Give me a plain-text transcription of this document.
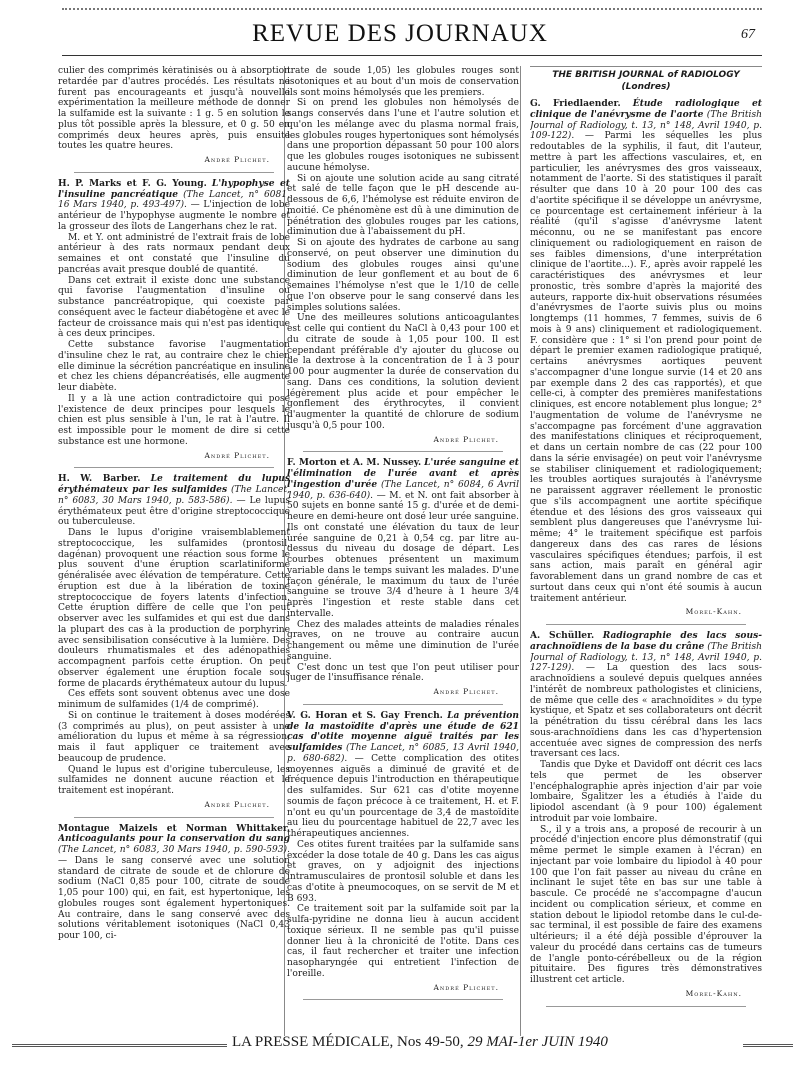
REVUE DES JOURNAUX	67

culier des comprimés kératinisés ou à absorption retardée par d'autres procédés. Les résultats ne furent pas encourageants et jusqu'à nouvelle expérimentation la meilleure méthode de donner la sulfamide est la suivante : 1 g. 5 en solution le plus tôt possible après la blessure, et 0 g. 50 en comprimés deux heures après, puis ensuite toutes les quatre heures.

André Plichet.

H. P. Marks et F. G. Young. L'hypophyse et l'insuline pancréatique (The Lancet, n° 6081, 16 Mars 1940, p. 493-497). — L'injection de lobe antérieur de l'hypophyse augmente le nombre et la grosseur des îlots de Langerhans chez le rat.

M. et Y. ont administré de l'extrait frais de lobe antérieur à des rats normaux pendant deux semaines et ont constaté que l'insuline du pancréas avait presque doublé de quantité.

Dans cet extrait il existe donc une substance qui favorise l'augmentation d'insuline ou substance pancréatropique, qui coexiste par conséquent avec le facteur diabétogène et avec le facteur de croissance mais qui n'est pas identique à ces deux principes.

Cette substance favorise l'augmentation d'insuline chez le rat, au contraire chez le chien elle diminue la sécrétion pancréatique en insuline et chez les chiens dépancréatisés, elle augmente leur diabète.

Il y a là une action contradictoire qui pose l'existence de deux principes pour lesquels le chien est plus sensible à l'un, le rat à l'autre. Il est impossible pour le moment de dire si cette substance est une hormone.

André Plichet.

H. W. Barber. Le traitement du lupus érythémateux par les sulfamides (The Lancet, n° 6083, 30 Mars 1940, p. 583-586). — Le lupus érythémateux peut être d'origine streptococcique ou tuberculeuse.

Dans le lupus d'origine vraisemblablement streptococcique, les sulfamides (prontosil, dagénan) provoquent une réaction sous forme le plus souvent d'une éruption scarlatiniforme généralisée avec élévation de température. Cette éruption est due à la libération de toxine streptococcique de foyers latents d'infection. Cette éruption diffère de celle que l'on peut observer avec les sulfamides et qui est due dans la plupart des cas à la production de porphyrine avec sensibilisation consécutive à la lumière. Des douleurs rhumatismales et des adénopathies accompagnent parfois cette éruption. On peut observer également une éruption focale sous forme de placards érythémateux autour du lupus.

Ces effets sont souvent obtenus avec une dose minimum de sulfamides (1/4 de comprimé).

Si on continue le traitement à doses modérées (3 comprimés au plus), on peut assister à une amélioration du lupus et même à sa régression, mais il faut appliquer ce traitement avec beaucoup de prudence.

Quand le lupus est d'origine tuberculeuse, les sulfamides ne donnent aucune réaction et le traitement est inopérant.

André Plichet.

Montague Maizels et Norman Whittaker. Anticoagulants pour la conservation du sang (The Lancet, n° 6083, 30 Mars 1940, p. 590-593). — Dans le sang conservé avec une solution standard de citrate de soude et de chlorure de sodium (NaCl 0,85 pour 100, citrate de soude 1,05 pour 100) qui, en fait, est hypertonique, les globules rouges sont également hypertoniques. Au contraire, dans le sang conservé avec des solutions véritablement isotoniques (NaCl 0,43 pour 100, ci-

trate de soude 1,05) les globules rouges sont isotoniques et au bout d'un mois de conservation ils sont moins hémolysés que les premiers.

Si on prend les globules non hémolysés de sangs conservés dans l'une et l'autre solution et qu'on les mélange avec du plasma normal frais, les globules rouges hypertoniques sont hémolysés dans une proportion dépassant 50 pour 100 alors que les globules rouges isotoniques ne subissent aucune hémolyse.

Si on ajoute une solution acide au sang citraté et salé de telle façon que le pH descende au-dessous de 6,6, l'hémolyse est réduite environ de moitié. Ce phénomène est dû à une diminution de pénétration des globules rouges par les cations, diminution due à l'abaissement du pH.

Si on ajoute des hydrates de carbone au sang conservé, on peut observer une diminution du sodium des globules rouges ainsi qu'une diminution de leur gonflement et au bout de 6 semaines l'hémolyse n'est que le 1/10 de celle que l'on observe pour le sang conservé dans les simples solutions salées.

Une des meilleures solutions anticoagulantes est celle qui contient du NaCl à 0,43 pour 100 et du citrate de soude à 1,05 pour 100. Il est cependant préférable d'y ajouter du glucose ou de la dextrose à la concentration de 1 à 3 pour 100 pour augmenter la durée de conservation du sang. Dans ces conditions, la solution devient légèrement plus acide et pour empêcher le gonflement des érythrocytes, il convient d'augmenter la quantité de chlorure de sodium jusqu'à 0,5 pour 100.

André Plichet.

F. Morton et A. M. Nussey. L'urée sanguine et l'élimination de l'urée avant et après l'ingestion d'urée (The Lancet, n° 6084, 6 Avril 1940, p. 636-640). — M. et N. ont fait absorber à 50 sujets en bonne santé 15 g. d'urée et de demi-heure en demi-heure ont dosé leur urée sanguine. Ils ont constaté une élévation du taux de leur urée sanguine de 0,21 à 0,54 cg. par litre au-dessus du niveau du dosage de départ. Les courbes obtenues présentent un maximum variable dans le temps suivant les malades. D'une façon générale, le maximum du taux de l'urée sanguine se trouve 3/4 d'heure à 1 heure 3/4 après l'ingestion et reste stable dans cet intervalle.

Chez des malades atteints de maladies rénales graves, on ne trouve au contraire aucun changement ou même une diminution de l'urée sanguine.

C'est donc un test que l'on peut utiliser pour juger de l'insuffisance rénale.

André Plichet.

V. G. Horan et S. Gay French. La prévention de la mastoïdite d'après une étude de 621 cas d'otite moyenne aiguë traités par les sulfamides (The Lancet, n° 6085, 13 Avril 1940, p. 680-682). — Cette complication des otites moyennes aiguës a diminué de gravité et de fréquence depuis l'introduction en thérapeutique des sulfamides. Sur 621 cas d'otite moyenne soumis de façon précoce à ce traitement, H. et F. n'ont eu qu'un pourcentage de 3,4 de mastoïdite au lieu du pourcentage habituel de 22,7 avec les thérapeutiques anciennes.

Ces otites furent traitées par la sulfamide sans excéder la dose totale de 40 g. Dans les cas aigus et graves, on y adjoignit des injections intramusculaires de prontosil soluble et dans les cas d'otite à pneumocoques, on se servit de M et B 693.

Ce traitement soit par la sulfamide soit par la sulfa-pyridine ne donna lieu à aucun accident toxique sérieux. Il ne semble pas qu'il puisse donner lieu à la chronicité de l'otite. Dans ces cas, il faut rechercher et traiter une infection nasopharyngée qui entretient l'infection de l'oreille.

André Plichet.
THE BRITISH JOURNAL of RADIOLOGY
(Londres)

G. Friedlaender. Étude radiologique et clinique de l'anévrysme de l'aorte (The British Journal of Radiology, t. 13, n° 148, Avril 1940, p. 109-122). — Parmi les séquelles les plus redoutables de la syphilis, il faut, dit l'auteur, mettre à part les affections vasculaires, et, en particulier, les anévrysmes des gros vaisseaux, notamment de l'aorte. Si des statistiques il paraît résulter que dans 10 à 20 pour 100 des cas d'aortite spécifique il se développe un anévrysme, ce pourcentage est certainement inférieur à la réalité (qu'il s'agisse d'anévrysme latent méconnu, ou ne se manifestant pas encore cliniquement ou radiologiquement en raison de ses faibles dimensions, d'une interprétation clinique de l'aortite...). F., après avoir rappelé les caractéristiques des anévrysmes et leur pronostic, très sombre d'après la majorité des auteurs, rapporte dix-huit observations résumées d'anévrysmes de l'aorte suivis plus ou moins longtemps (11 hommes, 7 femmes, suivis de 6 mois à 9 ans) cliniquement et radiologiquement. F. considère que : 1° si l'on prend pour point de départ le premier examen radiologique pratiqué, certains anévrysmes aortiques peuvent s'accompagner d'une longue survie (14 et 20 ans par exemple dans 2 des cas rapportés), et que celle-ci, à compter des premières manifestations cliniques, est encore notablement plus longue; 2° l'augmentation de volume de l'anévrysme ne s'accompagne pas forcément d'une aggravation des manifestations cliniques et réciproquement, et dans un certain nombre de cas (22 pour 100 dans la série envisagée) on peut voir l'anévrysme se stabiliser cliniquement et radiologiquement; les troubles aortiques surajoutés à l'anévrysme ne paraissent aggraver réellement le pronostic que s'ils accompagnent une aortite spécifique étendue et des lésions des gros vaisseaux qui semblent plus dangereuses que l'anévrysme lui-même; 4° le traitement spécifique est parfois dangereux dans des cas rares de lésions vasculaires spécifiques étendues; parfois, il est sans action, mais paraît en général agir favorablement dans un grand nombre de cas et surtout dans ceux qui n'ont été soumis à aucun traitement antérieur.

Morel-Kahn.

A. Schüller. Radiographie des lacs sous-arachnoïdiens de la base du crâne (The British Journal of Radiology, t. 13, n° 148, Avril 1940, p. 127-129). — La question des lacs sous-arachnoïdiens a soulevé depuis quelques années l'intérêt de nombreux pathologistes et cliniciens, de même que celle des « arachnoïdites » du type kystique, et Spatz et ses collaborateurs ont décrit la pénétration du tissu cérébral dans les lacs sous-arachnoïdiens dans les cas d'hypertension accentuée avec signes de compression des nerfs traversant ces lacs.

Tandis que Dyke et Davidoff ont décrit ces lacs tels que permet de les observer l'encéphalographie après injection d'air par voie lombaire, Sgalitzer les a étudiés à l'aide du lipiodol ascendant (à 9 pour 100) également introduit par voie lombaire.

S., il y a trois ans, a proposé de recourir à un procédé d'injection encore plus démonstratif (qui même permet le simple examen à l'écran) en injectant par voie lombaire du lipiodol à 40 pour 100 que l'on fait passer au niveau du crâne en inclinant le sujet tête en bas sur une table à bascule. Ce procédé ne s'accompagne d'aucun incident ou complication sérieux, et comme en station debout le lipiodol retombe dans le cul-de-sac terminal, il est possible de faire des examens ultérieurs; il a été déjà possible d'éprouver la valeur du procédé dans certains cas de tumeurs de l'angle ponto-cérébelleux ou de la région pituitaire. Des figures très démonstratives illustrent cet article.

Morel-Kahn.
LA PRESSE MÉDICALE, Nos 49-50, 29 MAI-1er JUIN 1940
